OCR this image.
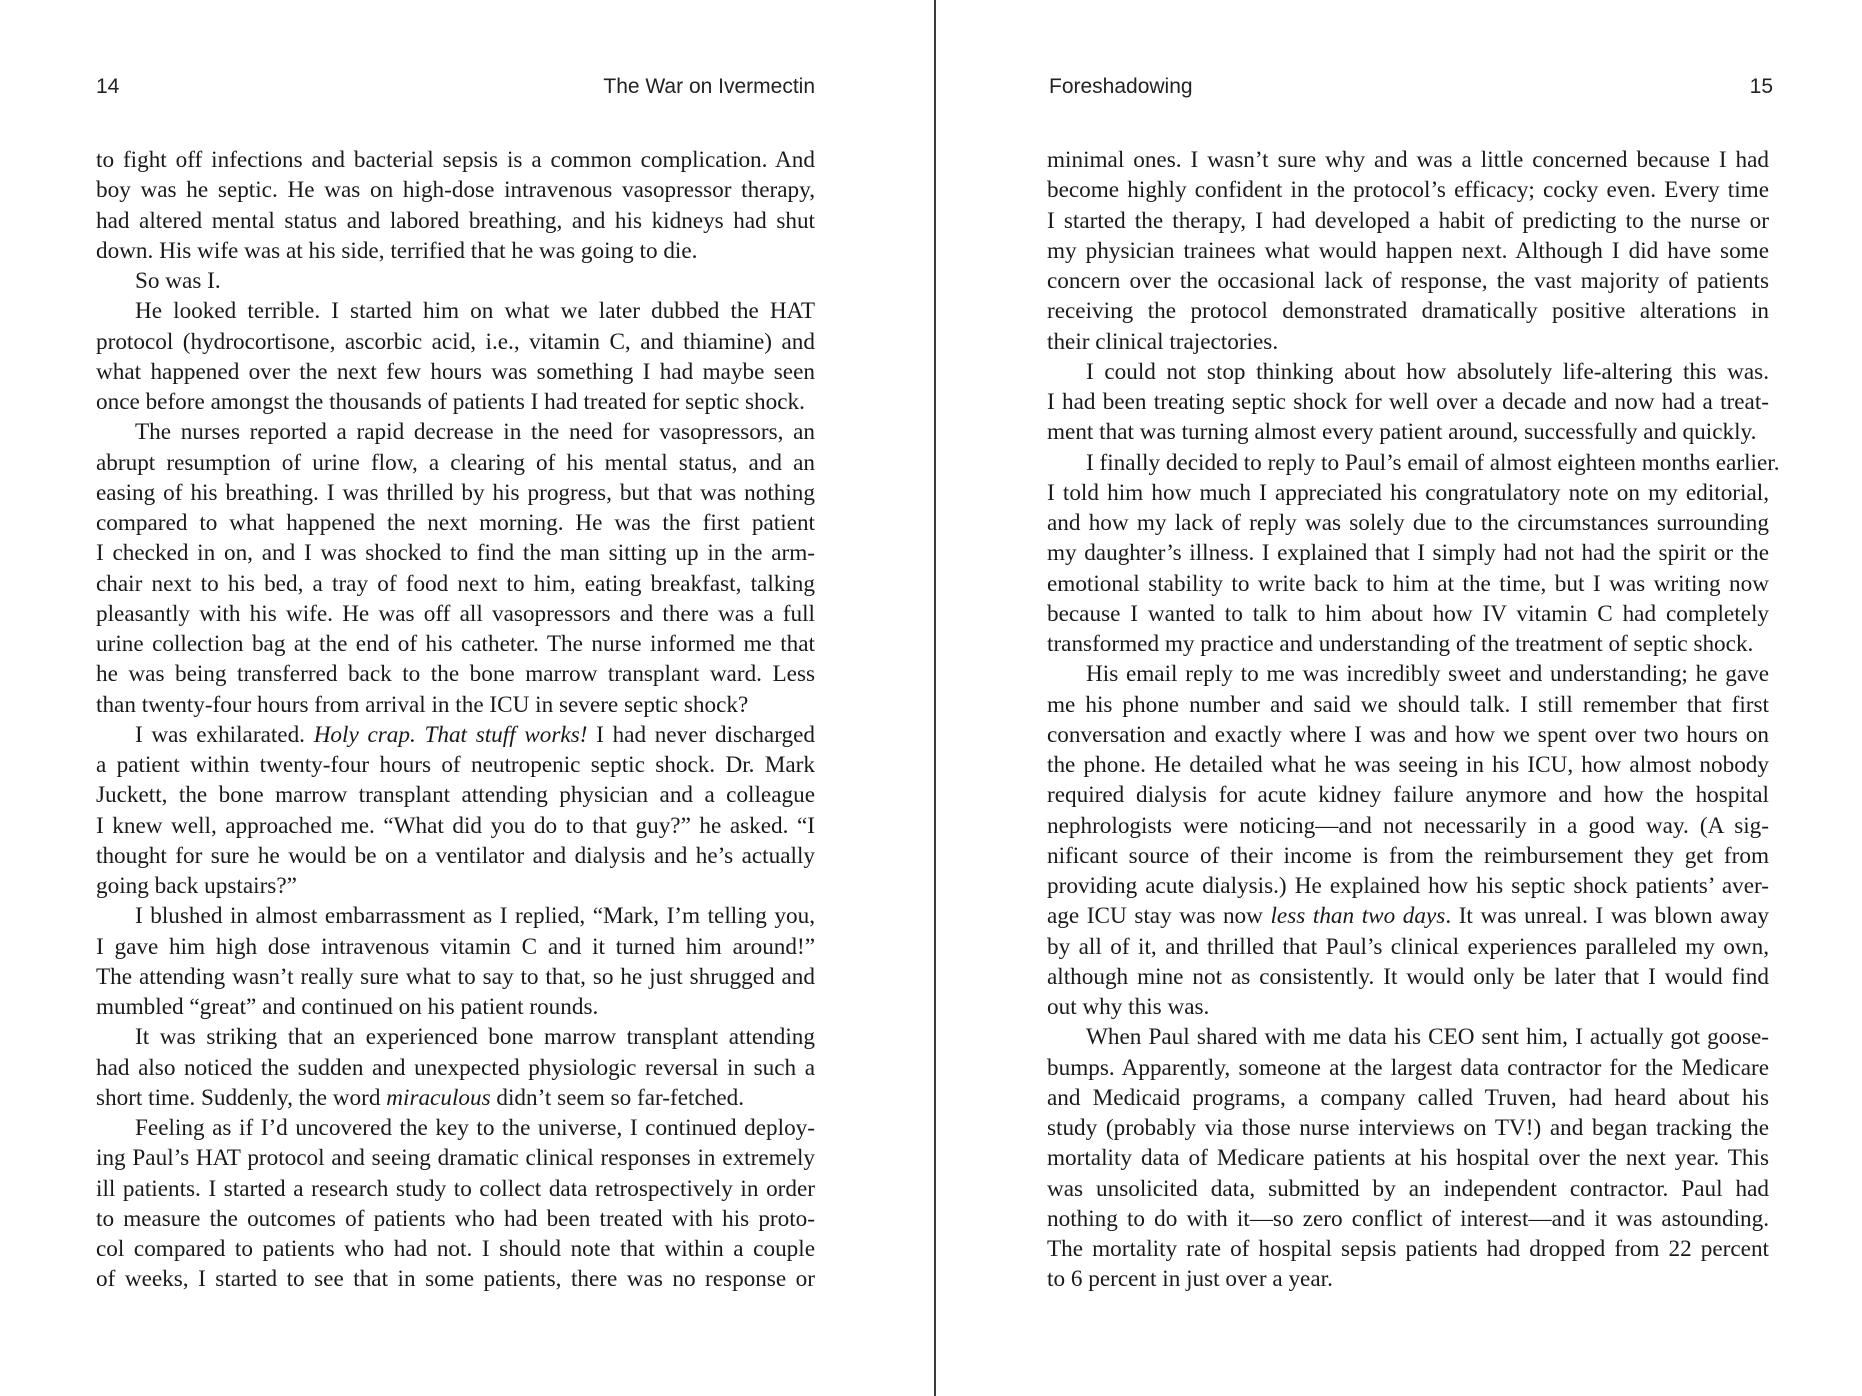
14	The War on Ivermectin
to fight off infections and bacterial sepsis is a common complication. And
boy was he septic. He was on high-dose intravenous vasopressor therapy,
had altered mental status and labored breathing, and his kidneys had shut
down. His wife was at his side, terrified that he was going to die.
So was I.
He looked terrible. I started him on what we later dubbed the HAT
protocol (hydrocortisone, ascorbic acid, i.e., vitamin C, and thiamine) and
what happened over the next few hours was something I had maybe seen
once before amongst the thousands of patients I had treated for septic shock.
The nurses reported a rapid decrease in the need for vasopressors, an
abrupt resumption of urine flow, a clearing of his mental status, and an
easing of his breathing. I was thrilled by his progress, but that was nothing
compared to what happened the next morning. He was the first patient
I checked in on, and I was shocked to find the man sitting up in the arm-
chair next to his bed, a tray of food next to him, eating breakfast, talking
pleasantly with his wife. He was off all vasopressors and there was a full
urine collection bag at the end of his catheter. The nurse informed me that
he was being transferred back to the bone marrow transplant ward. Less
than twenty-four hours from arrival in the ICU in severe septic shock?
I was exhilarated. Holy crap. That stuff works! I had never discharged
a patient within twenty-four hours of neutropenic septic shock. Dr. Mark
Juckett, the bone marrow transplant attending physician and a colleague
I knew well, approached me. “What did you do to that guy?” he asked. “I
thought for sure he would be on a ventilator and dialysis and he’s actually
going back upstairs?”
I blushed in almost embarrassment as I replied, “Mark, I’m telling you,
I gave him high dose intravenous vitamin C and it turned him around!”
The attending wasn’t really sure what to say to that, so he just shrugged and
mumbled “great” and continued on his patient rounds.
It was striking that an experienced bone marrow transplant attending
had also noticed the sudden and unexpected physiologic reversal in such a
short time. Suddenly, the word miraculous didn’t seem so far-fetched.
Feeling as if I’d uncovered the key to the universe, I continued deploy-
ing Paul’s HAT protocol and seeing dramatic clinical responses in extremely
ill patients. I started a research study to collect data retrospectively in order
to measure the outcomes of patients who had been treated with his proto-
col compared to patients who had not. I should note that within a couple
of weeks, I started to see that in some patients, there was no response or
Foreshadowing	15
minimal ones. I wasn’t sure why and was a little concerned because I had
become highly confident in the protocol’s efficacy; cocky even. Every time
I started the therapy, I had developed a habit of predicting to the nurse or
my physician trainees what would happen next. Although I did have some
concern over the occasional lack of response, the vast majority of patients
receiving the protocol demonstrated dramatically positive alterations in
their clinical trajectories.
I could not stop thinking about how absolutely life-altering this was.
I had been treating septic shock for well over a decade and now had a treat-
ment that was turning almost every patient around, successfully and quickly.
I finally decided to reply to Paul’s email of almost eighteen months earlier.
I told him how much I appreciated his congratulatory note on my editorial,
and how my lack of reply was solely due to the circumstances surrounding
my daughter’s illness. I explained that I simply had not had the spirit or the
emotional stability to write back to him at the time, but I was writing now
because I wanted to talk to him about how IV vitamin C had completely
transformed my practice and understanding of the treatment of septic shock.
His email reply to me was incredibly sweet and understanding; he gave
me his phone number and said we should talk. I still remember that first
conversation and exactly where I was and how we spent over two hours on
the phone. He detailed what he was seeing in his ICU, how almost nobody
required dialysis for acute kidney failure anymore and how the hospital
nephrologists were noticing—and not necessarily in a good way. (A sig-
nificant source of their income is from the reimbursement they get from
providing acute dialysis.) He explained how his septic shock patients’ aver-
age ICU stay was now less than two days. It was unreal. I was blown away
by all of it, and thrilled that Paul’s clinical experiences paralleled my own,
although mine not as consistently. It would only be later that I would find
out why this was.
When Paul shared with me data his CEO sent him, I actually got goose-
bumps. Apparently, someone at the largest data contractor for the Medicare
and Medicaid programs, a company called Truven, had heard about his
study (probably via those nurse interviews on TV!) and began tracking the
mortality data of Medicare patients at his hospital over the next year. This
was unsolicited data, submitted by an independent contractor. Paul had
nothing to do with it—so zero conflict of interest—and it was astounding.
The mortality rate of hospital sepsis patients had dropped from 22 percent
to 6 percent in just over a year.
